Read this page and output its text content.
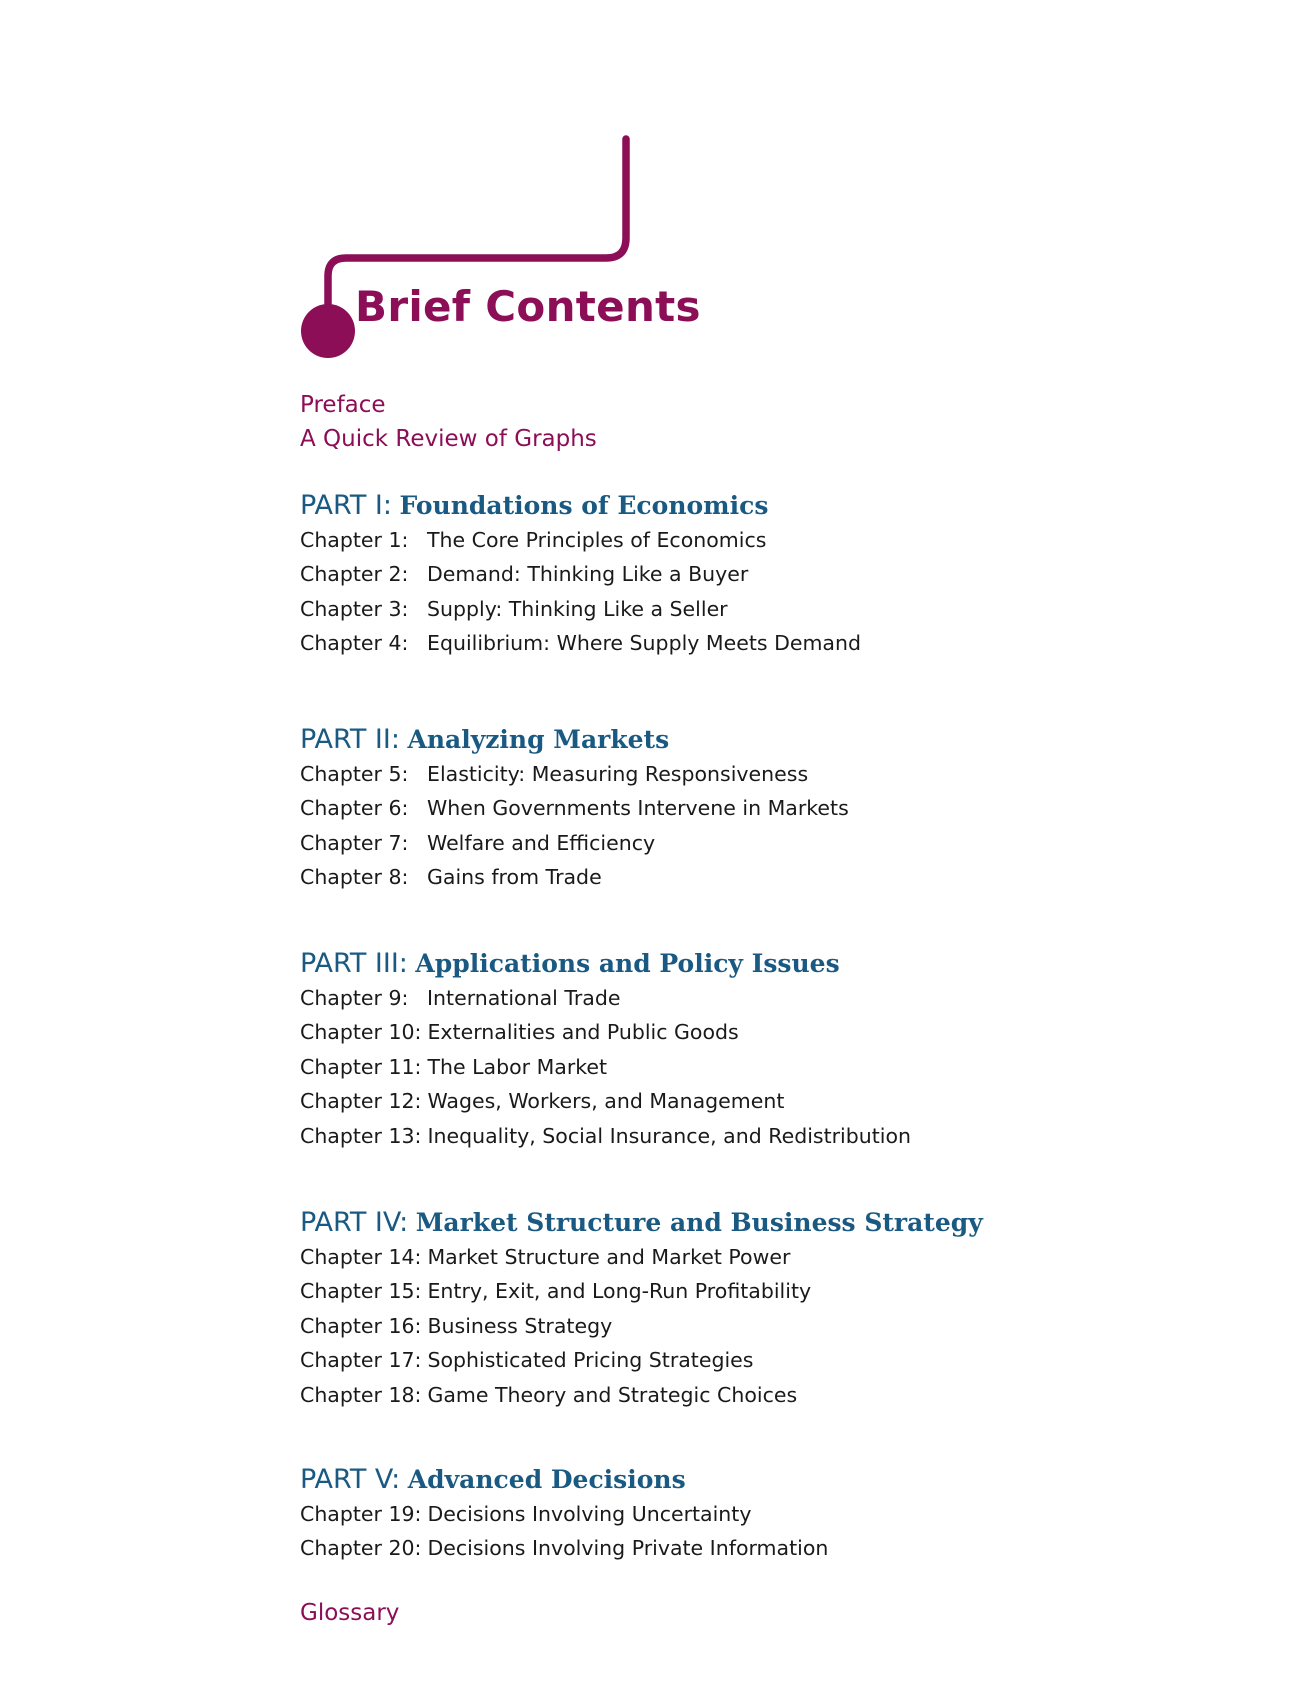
Brief Contents

Preface

A Quick Review of Graphs

PART I: Foundations of Economics
Chapter 1: The Core Principles of Economics
Chapter 2: Demand: Thinking Like a Buyer
Chapter 3: Supply: Thinking Like a Seller
Chapter 4: Equilibrium: Where Supply Meets Demand
PART II: Analyzing Markets
Chapter 5: Elasticity: Measuring Responsiveness
Chapter 6: When Governments Intervene in Markets
Chapter 7: Welfare and Efficiency
Chapter 8: Gains from Trade
PART III: Applications and Policy Issues
Chapter 9: International Trade
Chapter 10: Externalities and Public Goods
Chapter 11: The Labor Market
Chapter 12: Wages, Workers, and Management
Chapter 13: Inequality, Social Insurance, and Redistribution
PART IV: Market Structure and Business Strategy
Chapter 14: Market Structure and Market Power
Chapter 15: Entry, Exit, and Long-Run Profitability
Chapter 16: Business Strategy
Chapter 17: Sophisticated Pricing Strategies
Chapter 18: Game Theory and Strategic Choices
PART V: Advanced Decisions
Chapter 19: Decisions Involving Uncertainty
Chapter 20: Decisions Involving Private Information
Glossary
